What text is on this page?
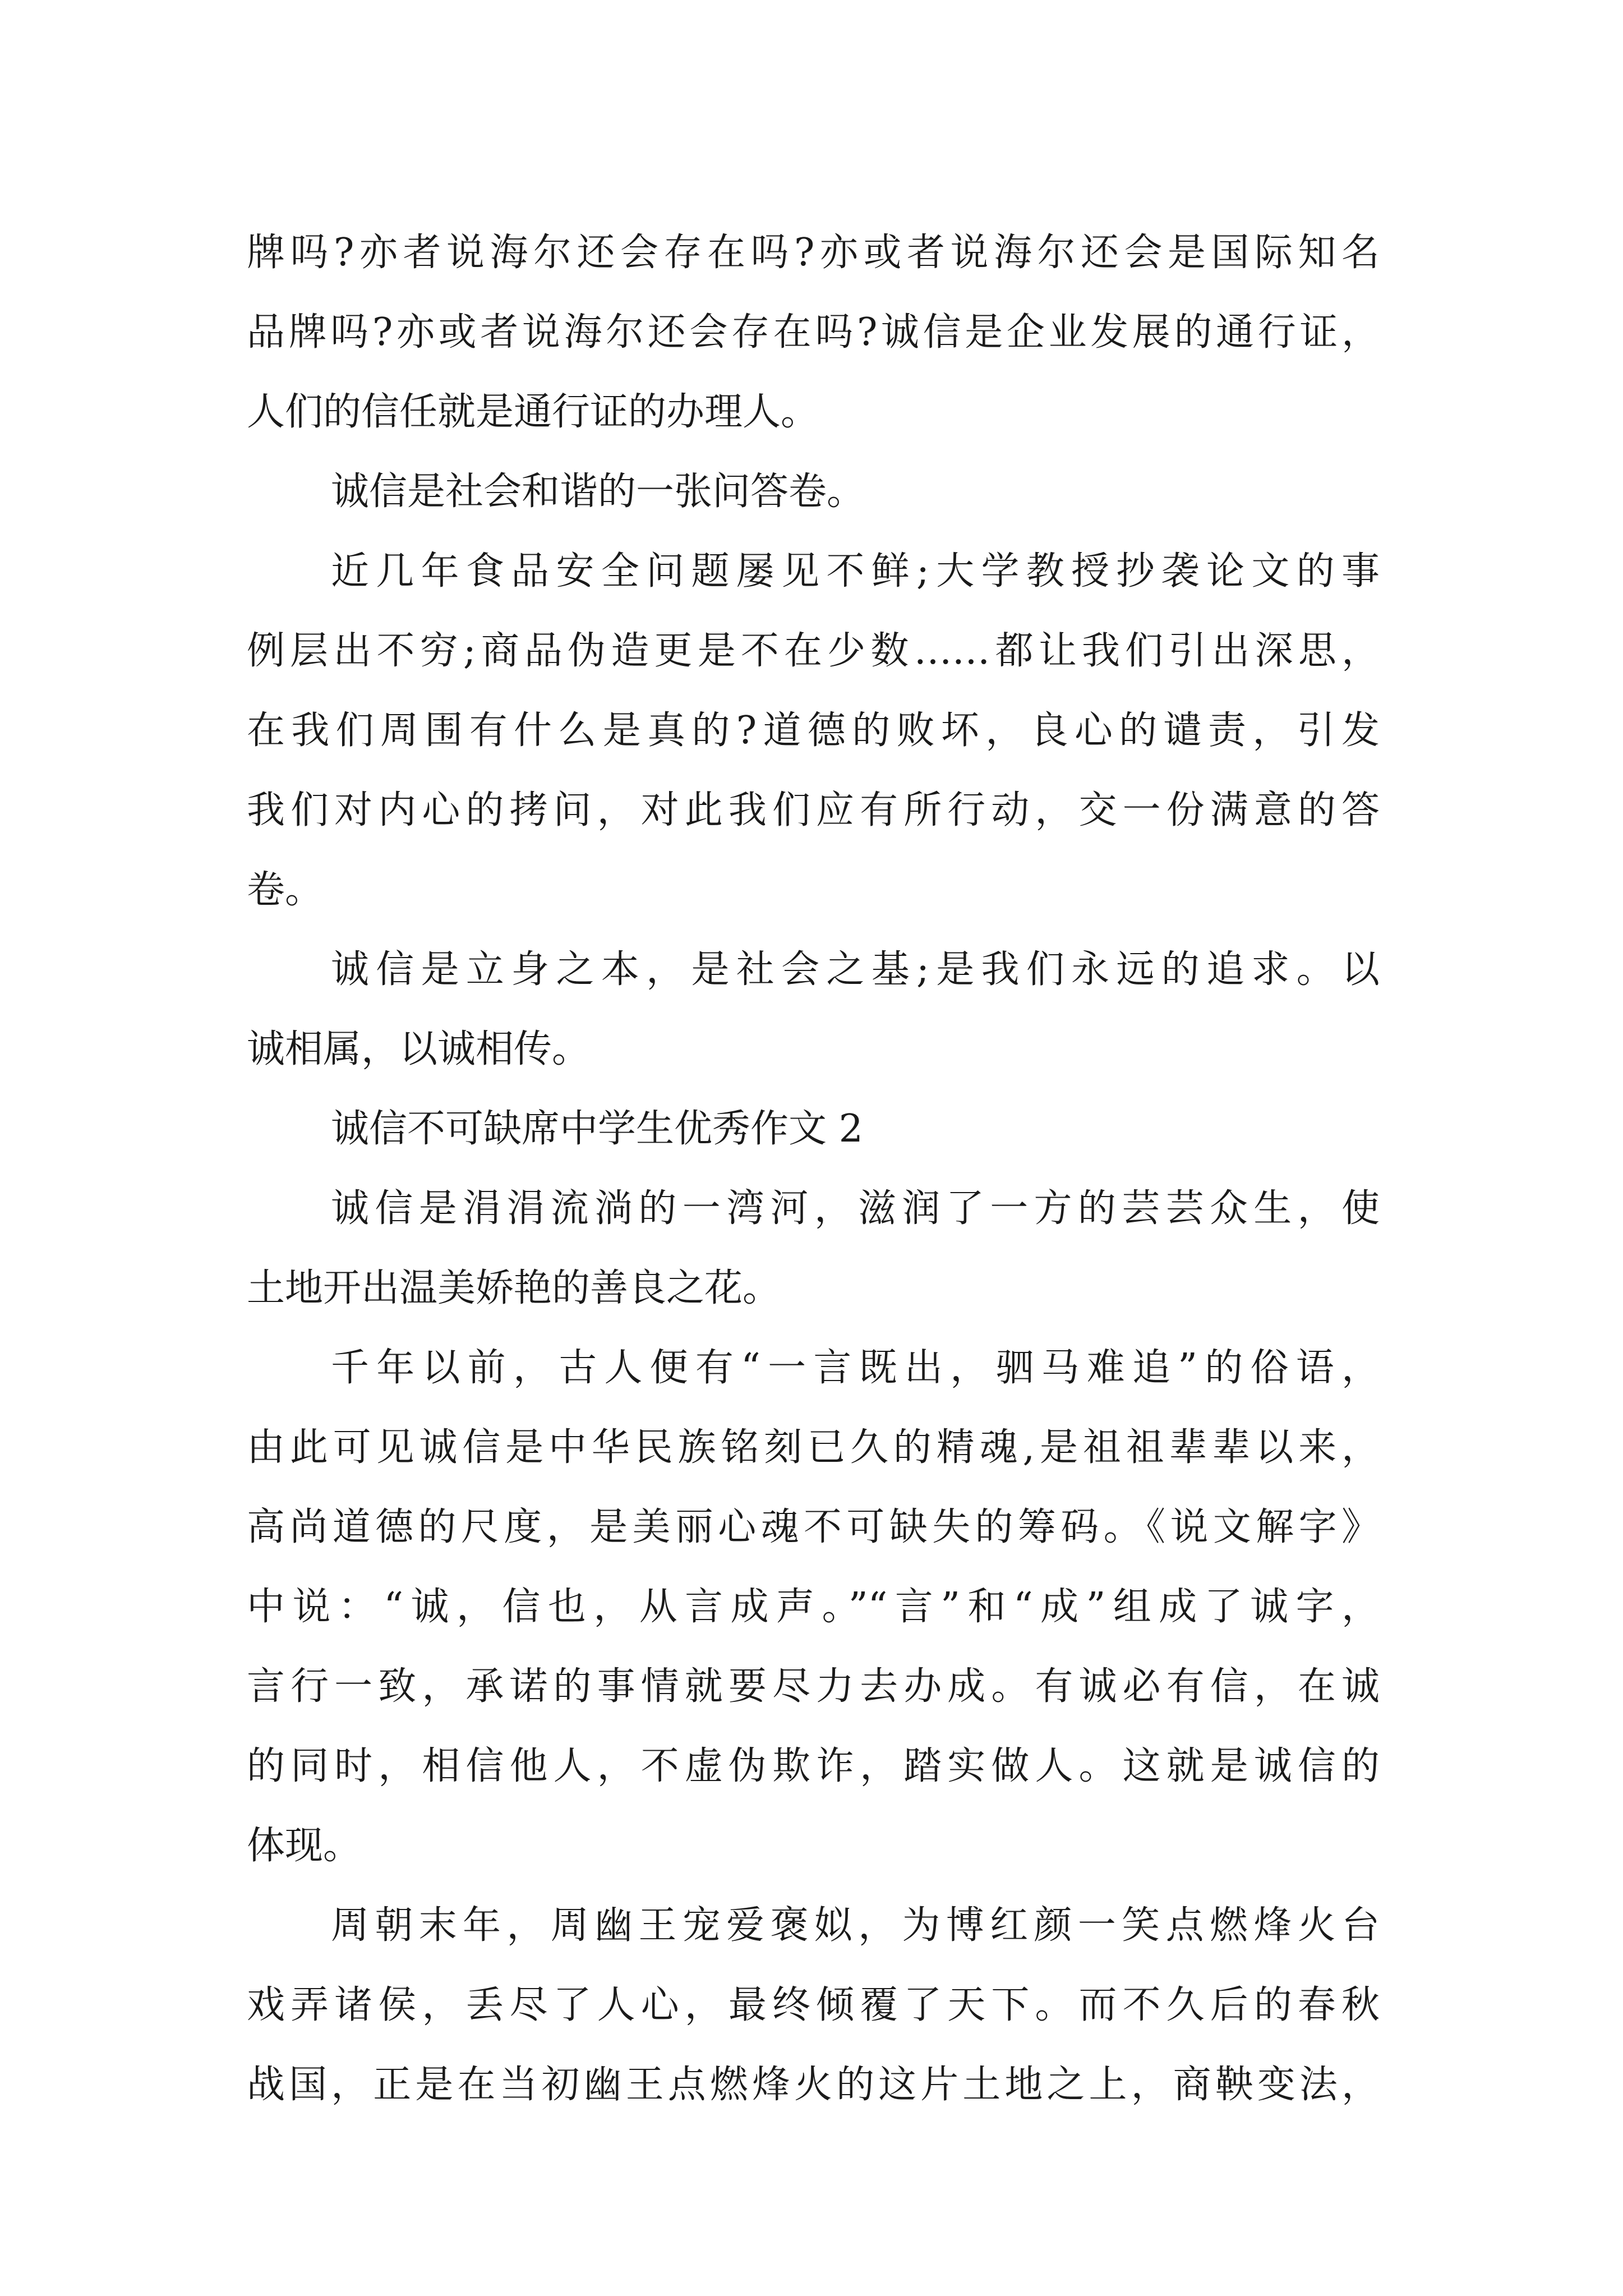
牌吗?亦者说海尔还会存在吗?亦或者说海尔还会是国际知名
品牌吗?亦或者说海尔还会存在吗?诚信是企业发展的通行证，
人们的信任就是通行证的办理人。
诚信是社会和谐的一张问答卷。
近几年食品安全问题屡见不鲜;大学教授抄袭论文的事
例层出不穷;商品伪造更是不在少数……都让我们引出深思，
在我们周围有什么是真的?道德的败坏，良心的谴责，引发
我们对内心的拷问，对此我们应有所行动，交一份满意的答
卷。
诚信是立身之本，是社会之基;是我们永远的追求。以
诚相属，以诚相传。
诚信不可缺席中学生优秀作文 2
诚信是涓涓流淌的一湾河，滋润了一方的芸芸众生，使
土地开出温美娇艳的善良之花。
千年以前，古人便有“一言既出，驷马难追”的俗语，
由此可见诚信是中华民族铭刻已久的精魂,是祖祖辈辈以来，
高尚道德的尺度，是美丽心魂不可缺失的筹码。《说文解字》
中说：“诚，信也，从言成声。”“言”和“成”组成了诚字，
言行一致，承诺的事情就要尽力去办成。有诚必有信，在诚
的同时，相信他人，不虚伪欺诈，踏实做人。这就是诚信的
体现。
周朝末年，周幽王宠爱褒姒，为博红颜一笑点燃烽火台
戏弄诸侯，丢尽了人心，最终倾覆了天下。而不久后的春秋
战国，正是在当初幽王点燃烽火的这片土地之上，商鞅变法，
